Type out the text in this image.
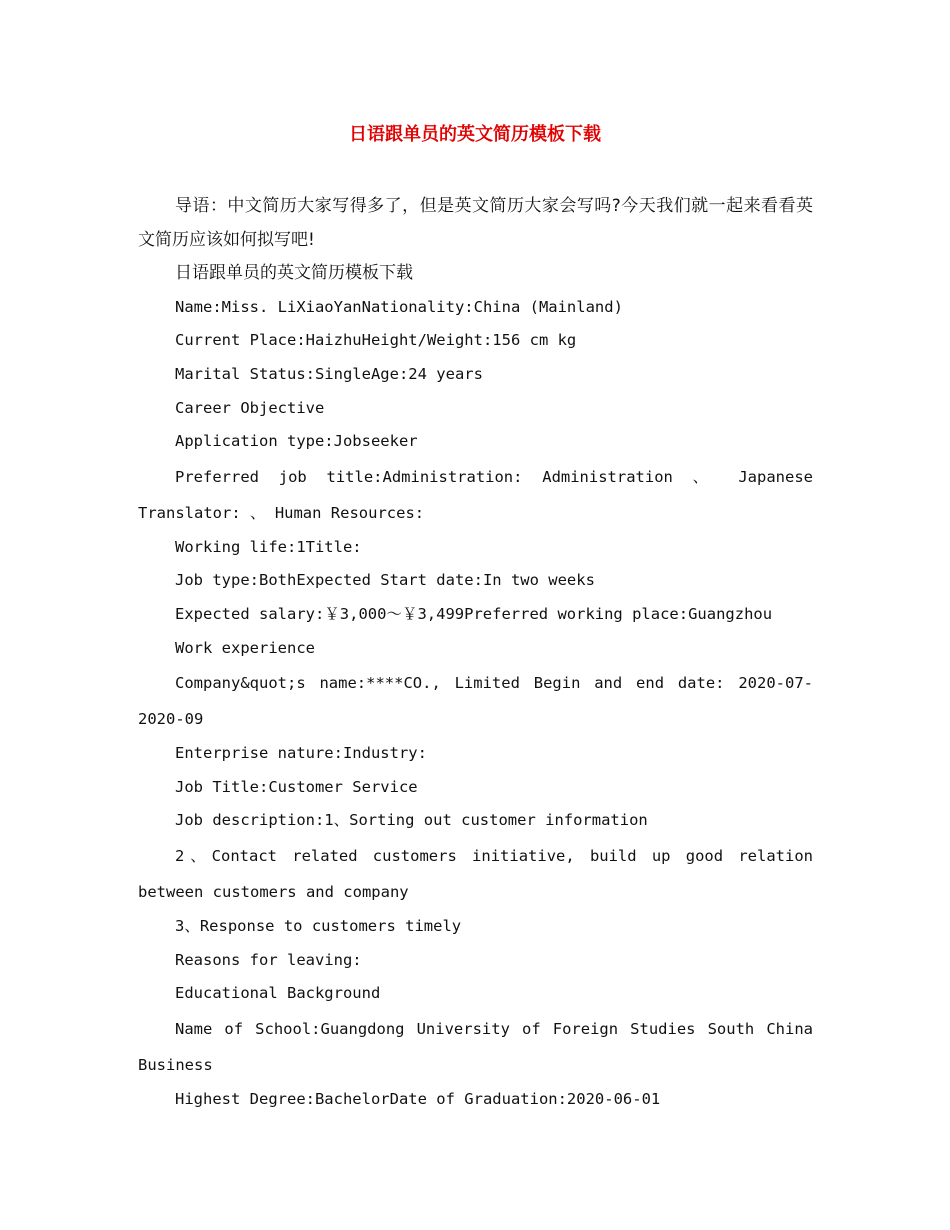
日语跟单员的英文简历模板下载

导语：中文简历大家写得多了，但是英文简历大家会写吗?今天我们就一起来看看英文简历应该如何拟写吧!

日语跟单员的英文简历模板下载

Name:Miss. LiXiaoYanNationality:China (Mainland)

Current Place:HaizhuHeight/Weight:156 cm kg

Marital Status:SingleAge:24 years

Career Objective

Application type:Jobseeker

Preferred job title:Administration: Administration 、 Japanese Translator: 、 Human Resources:

Working life:1Title:

Job type:BothExpected Start date:In two weeks

Expected salary:￥3,000～￥3,499Preferred working place:Guangzhou

Work experience

Company&quot;s name:****CO., Limited Begin and end date: 2020-07-2020-09

Enterprise nature:Industry:

Job Title:Customer Service

Job description:1、Sorting out customer information

2、Contact related customers initiative, build up good relation between customers and company

3、Response to customers timely

Reasons for leaving:

Educational Background

Name of School:Guangdong University of Foreign Studies South China Business

Highest Degree:BachelorDate of Graduation:2020-06-01
